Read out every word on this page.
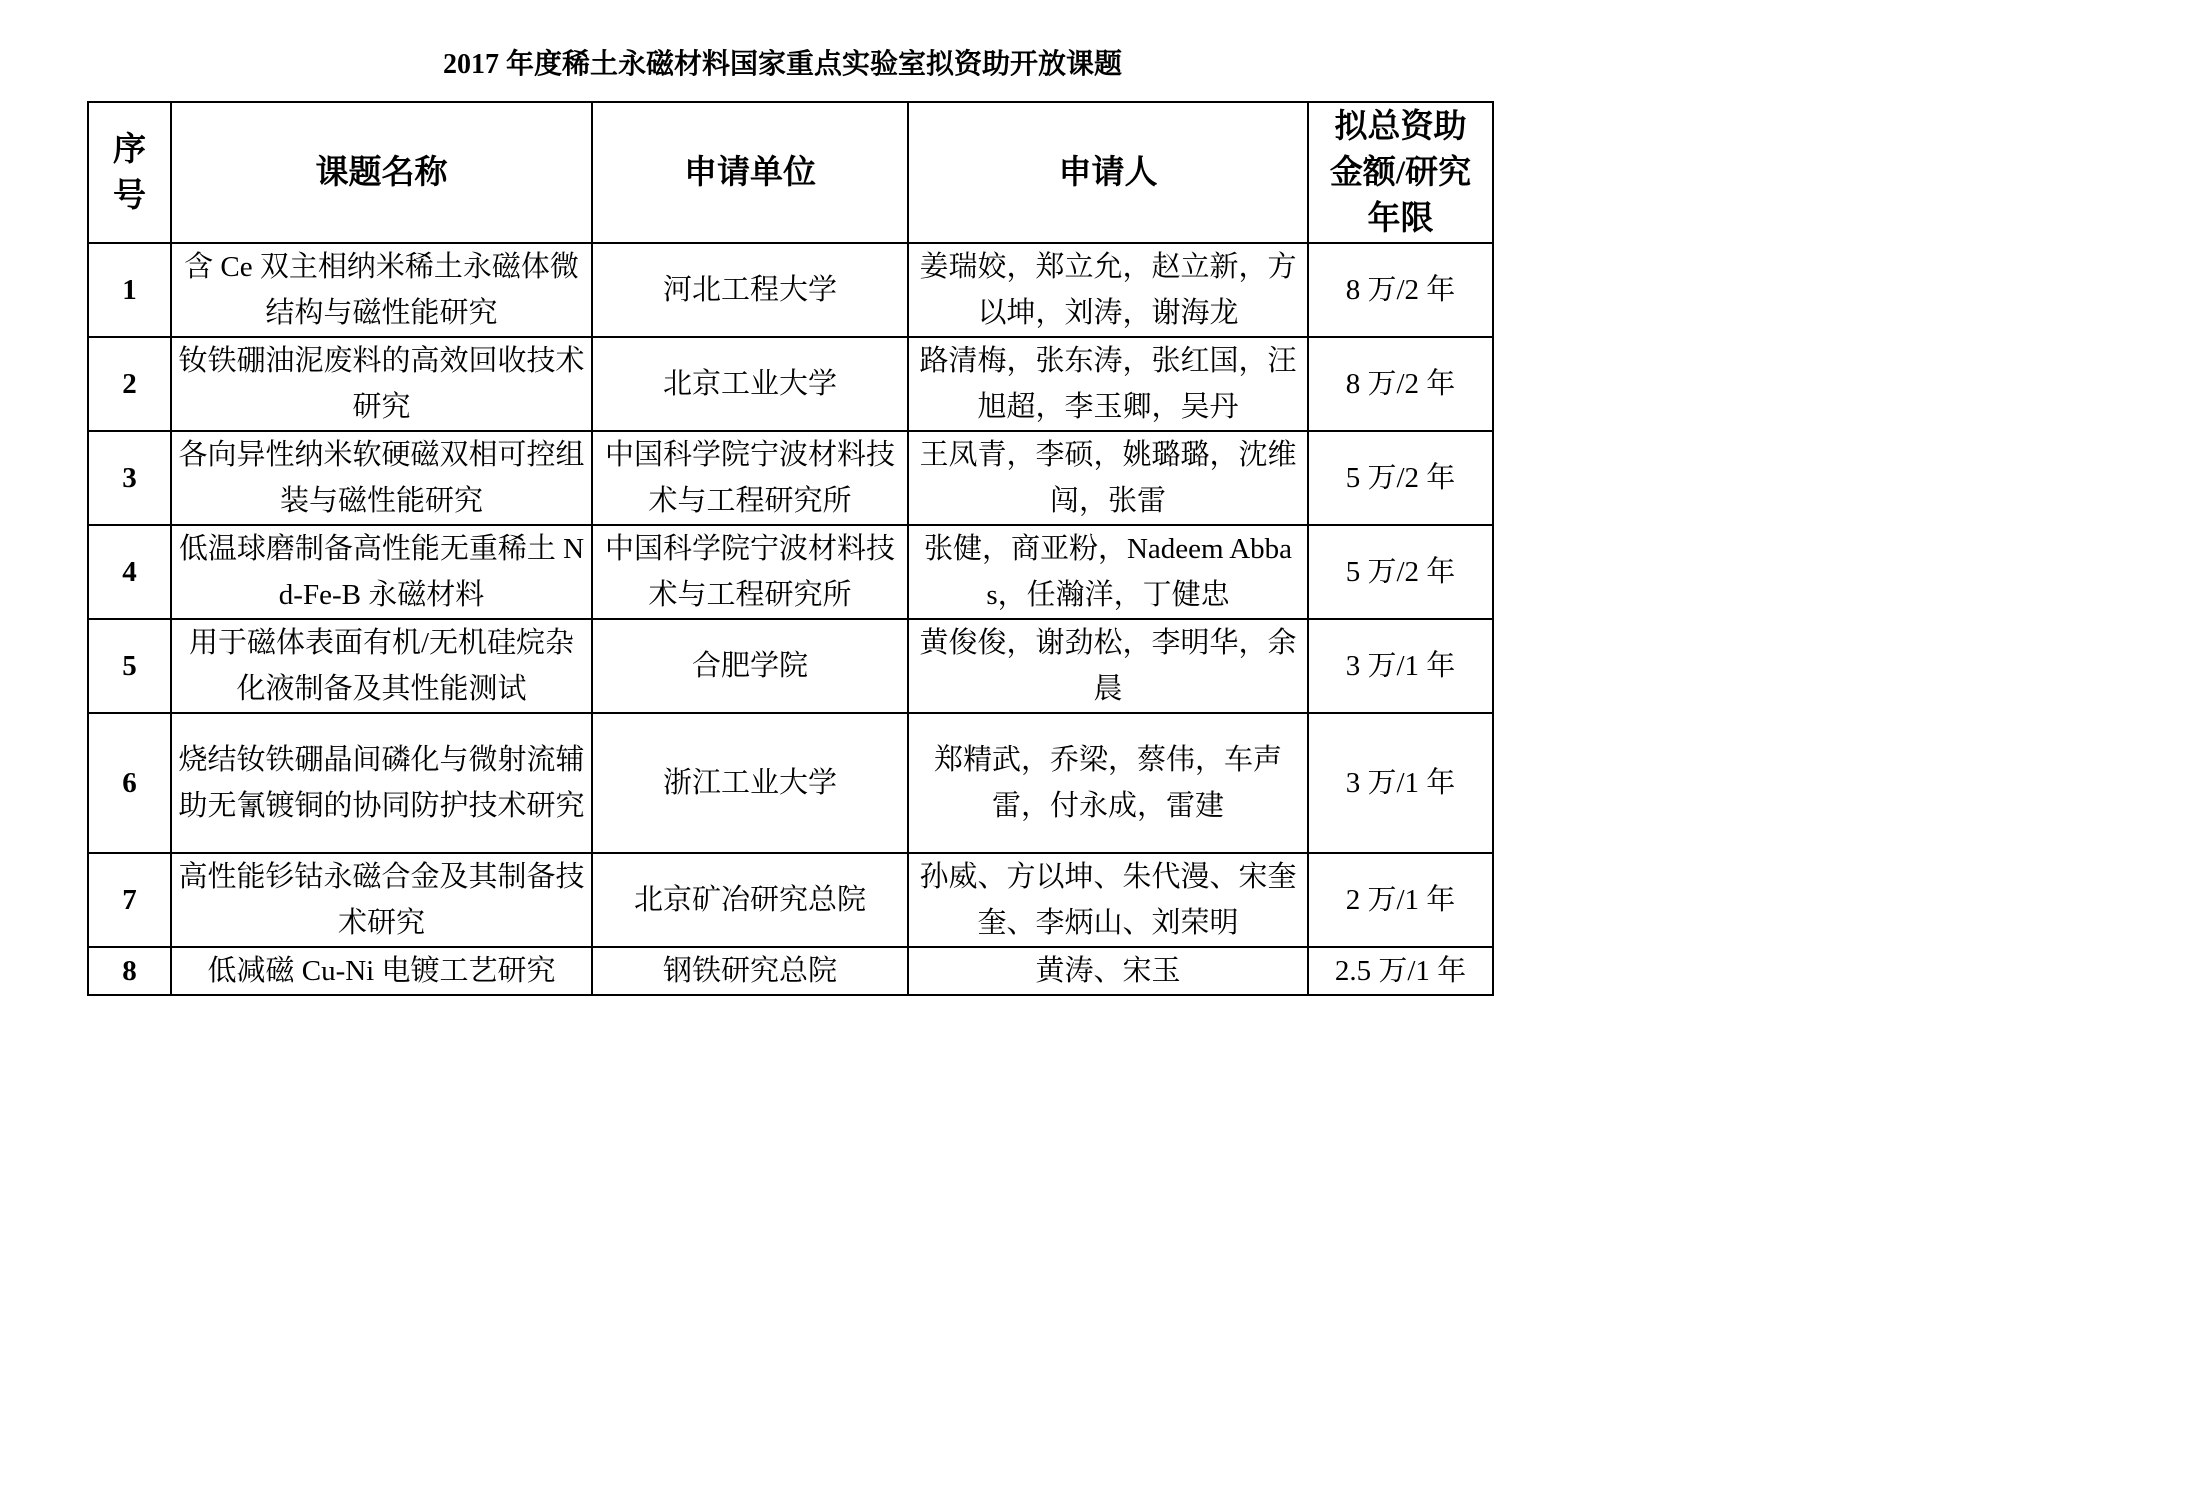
2017 年度稀土永磁材料国家重点实验室拟资助开放课题
序号	课题名称	申请单位	申请人	拟总资助金额/研究年限
1	含 Ce 双主相纳米稀土永磁体微结构与磁性能研究	河北工程大学	姜瑞姣，郑立允，赵立新，方以坤，刘涛，谢海龙	8 万/2 年
2	钕铁硼油泥废料的高效回收技术研究	北京工业大学	路清梅，张东涛，张红国，汪旭超，李玉卿，吴丹	8 万/2 年
3	各向异性纳米软硬磁双相可控组装与磁性能研究	中国科学院宁波材料技术与工程研究所	王凤青，李硕，姚璐璐，沈维闯，张雷	5 万/2 年
4	低温球磨制备高性能无重稀土 Nd-Fe-B 永磁材料	中国科学院宁波材料技术与工程研究所	张健，商亚粉，Nadeem Abbas，任瀚洋，丁健忠	5 万/2 年
5	用于磁体表面有机/无机硅烷杂化液制备及其性能测试	合肥学院	黄俊俊，谢劲松，李明华，余晨	3 万/1 年
6	烧结钕铁硼晶间磷化与微射流辅助无氰镀铜的协同防护技术研究	浙江工业大学	郑精武，乔梁，蔡伟，车声雷，付永成，雷建	3 万/1 年
7	高性能钐钴永磁合金及其制备技术研究	北京矿冶研究总院	孙威、方以坤、朱代漫、宋奎奎、李炳山、刘荣明	2 万/1 年
8	低减磁 Cu-Ni 电镀工艺研究	钢铁研究总院	黄涛、宋玉	2.5 万/1 年
